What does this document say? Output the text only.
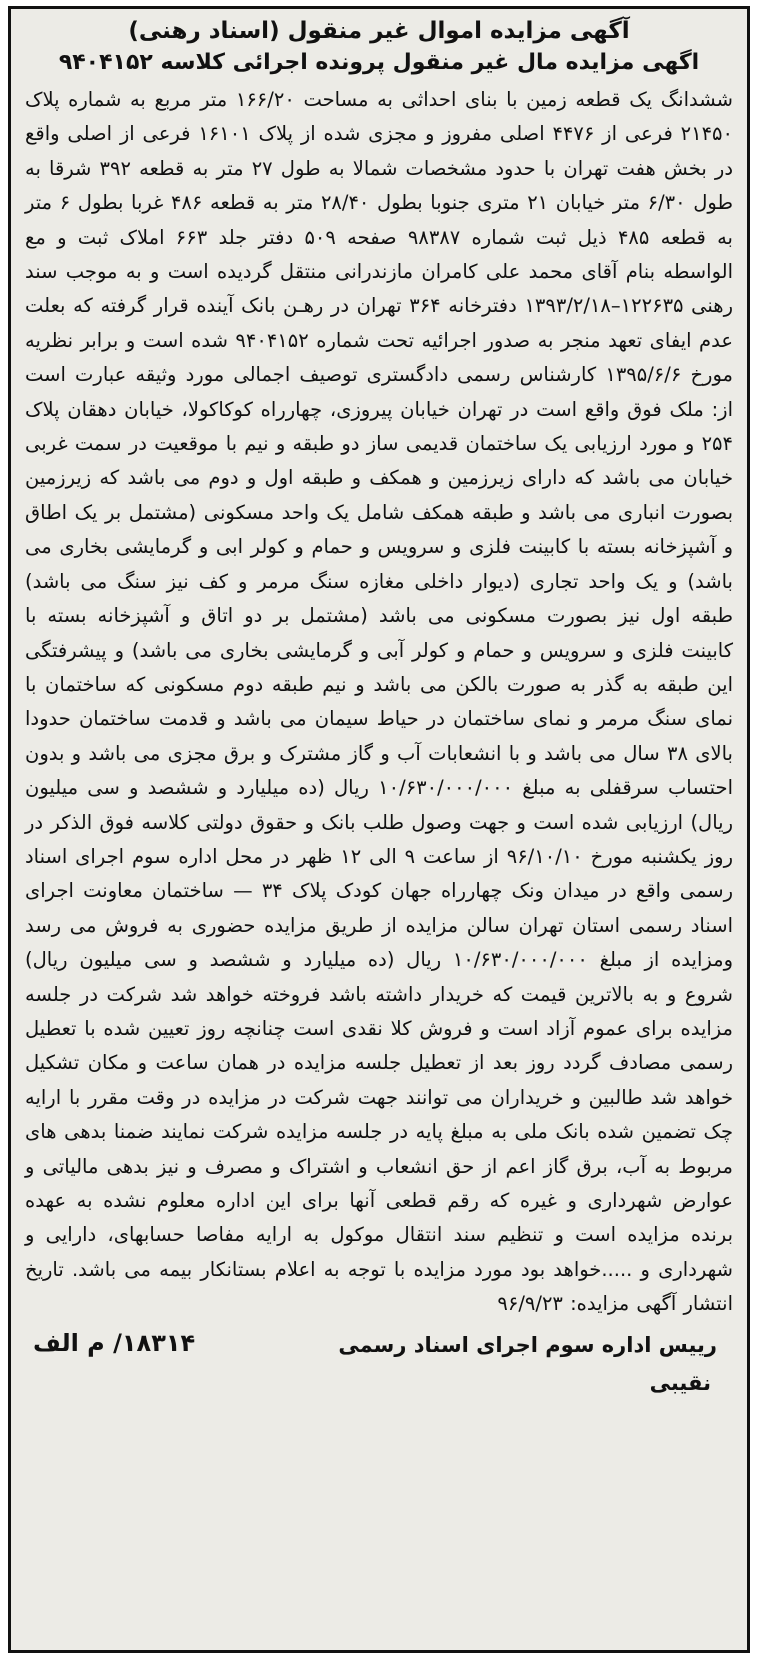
آگهی مزایده اموال غیر منقول (اسناد رهنی)

اگهی مزایده مال غیر منقول پرونده اجرائی کلاسه ۹۴۰۴۱۵۲

ششدانگ یک قطعه زمین با بنای احداثی به مساحت ۱۶۶/۲۰ متر مربع به شماره پلاک ۲۱۴۵۰ فرعی از ۴۴۷۶ اصلی مفروز و مجزی شده از پلاک ۱۶۱۰۱ فرعی از اصلی واقع در بخش هفت تهران با حدود مشخصات شمالا به طول ۲۷ متر به قطعه ۳۹۲ شرقا به طول ۶/۳۰ متر خیابان ۲۱ متری جنوبا بطول ۲۸/۴۰ متر به قطعه ۴۸۶ غربا بطول ۶ متر به قطعه ۴۸۵ ذیل ثبت شماره ۹۸۳۸۷ صفحه ۵۰۹ دفتر جلد ۶۶۳ املاک ثبت و مع الواسطه بنام آقای محمد علی کامران مازندرانی منتقل گردیده است و به موجب سند رهنی ۱۲۲۶۳۵–۱۳۹۳/۲/۱۸ دفترخانه ۳۶۴ تهران در رهـن بانک آینده قرار گرفته که بعلت عدم ایفای تعهد منجر به صدور اجرائیه تحت شماره ۹۴۰۴۱۵۲ شده است و برابر نظریه مورخ ۱۳۹۵/۶/۶ کارشناس رسمی دادگستری توصیف اجمالی مورد وثیقه عبارت است از: ملک فوق واقع است در تهران خیابان پیروزی، چهارراه کوکاکولا، خیابان دهقان پلاک ۲۵۴ و مورد ارزیابی یک ساختمان قدیمی ساز دو طبقه و نیم با موقعیت در سمت غربی خیابان می باشد که دارای زیرزمین و همکف و طبقه اول و دوم می باشد که زیرزمین بصورت انباری می باشد و طبقه همکف شامل یک واحد مسکونی (مشتمل بر یک اطاق و آشپزخانه بسته با کابینت فلزی و سرویس و حمام و کولر ابی و گرمایشی بخاری می باشد) و یک واحد تجاری (دیوار داخلی مغازه سنگ مرمر و کف نیز سنگ می باشد) طبقه اول نیز بصورت مسکونی می باشد (مشتمل بر دو اتاق و آشپزخانه بسته با کابینت فلزی و سرویس و حمام و کولر آبی و گرمایشی بخاری می باشد) و پیشرفتگی این طبقه به گذر به صورت بالکن می باشد و نیم طبقه دوم مسکونی که ساختمان با نمای سنگ مرمر و نمای ساختمان در حیاط سیمان می باشد و قدمت ساختمان حدودا بالای ۳۸ سال می باشد و با انشعابات آب و گاز مشترک و برق مجزی می باشد و بدون احتساب سرقفلی به مبلغ ۱۰/۶۳۰/۰۰۰/۰۰۰ ریال (ده میلیارد و ششصد و سی میلیون ریال) ارزیابی شده است و جهت وصول طلب بانک و حقوق دولتی کلاسه فوق الذکر در روز یکشنبه مورخ ۹۶/۱۰/۱۰ از ساعت ۹ الی ۱۲ ظهر در محل اداره سوم اجرای اسناد رسمی واقع در میدان ونک چهارراه جهان کودک پلاک ۳۴ — ساختمان معاونت اجرای اسناد رسمی استان تهران سالن مزایده از طریق مزایده حضوری به فروش می رسد ومزایده از مبلغ ۱۰/۶۳۰/۰۰۰/۰۰۰ ریال (ده میلیارد و ششصد و سی میلیون ریال) شروع و به بالاترین قیمت که خریدار داشته باشد فروخته خواهد شد شرکت در جلسه مزایده برای عموم آزاد است و فروش کلا نقدی است چنانچه روز تعیین شده با تعطیل رسمی مصادف گردد روز بعد از تعطیل جلسه مزایده در همان ساعت و مکان تشکیل خواهد شد طالبین و خریداران می توانند جهت شرکت در مزایده در وقت مقرر با ارایه چک تضمین شده بانک ملی به مبلغ پایه در جلسه مزایده شرکت نمایند ضمنا بدهی های مربوط به آب، برق گاز اعم از حق انشعاب و اشتراک و مصرف و نیز بدهی مالیاتی و عوارض شهرداری و غیره که رقم قطعی آنها برای این اداره معلوم نشده به عهده برنده مزایده است و تنظیم سند انتقال موکول به ارایه مفاصا حسابهای، دارایی و شهرداری و .....خواهد بود مورد مزایده با توجه به اعلام بستانکار بیمه می باشد. تاریخ انتشار آگهی مزایده: ۹۶/۹/۲۳

رییس اداره سوم اجرای اسناد رسمی
۱۸۳۱۴/ م الف
نقیبی
